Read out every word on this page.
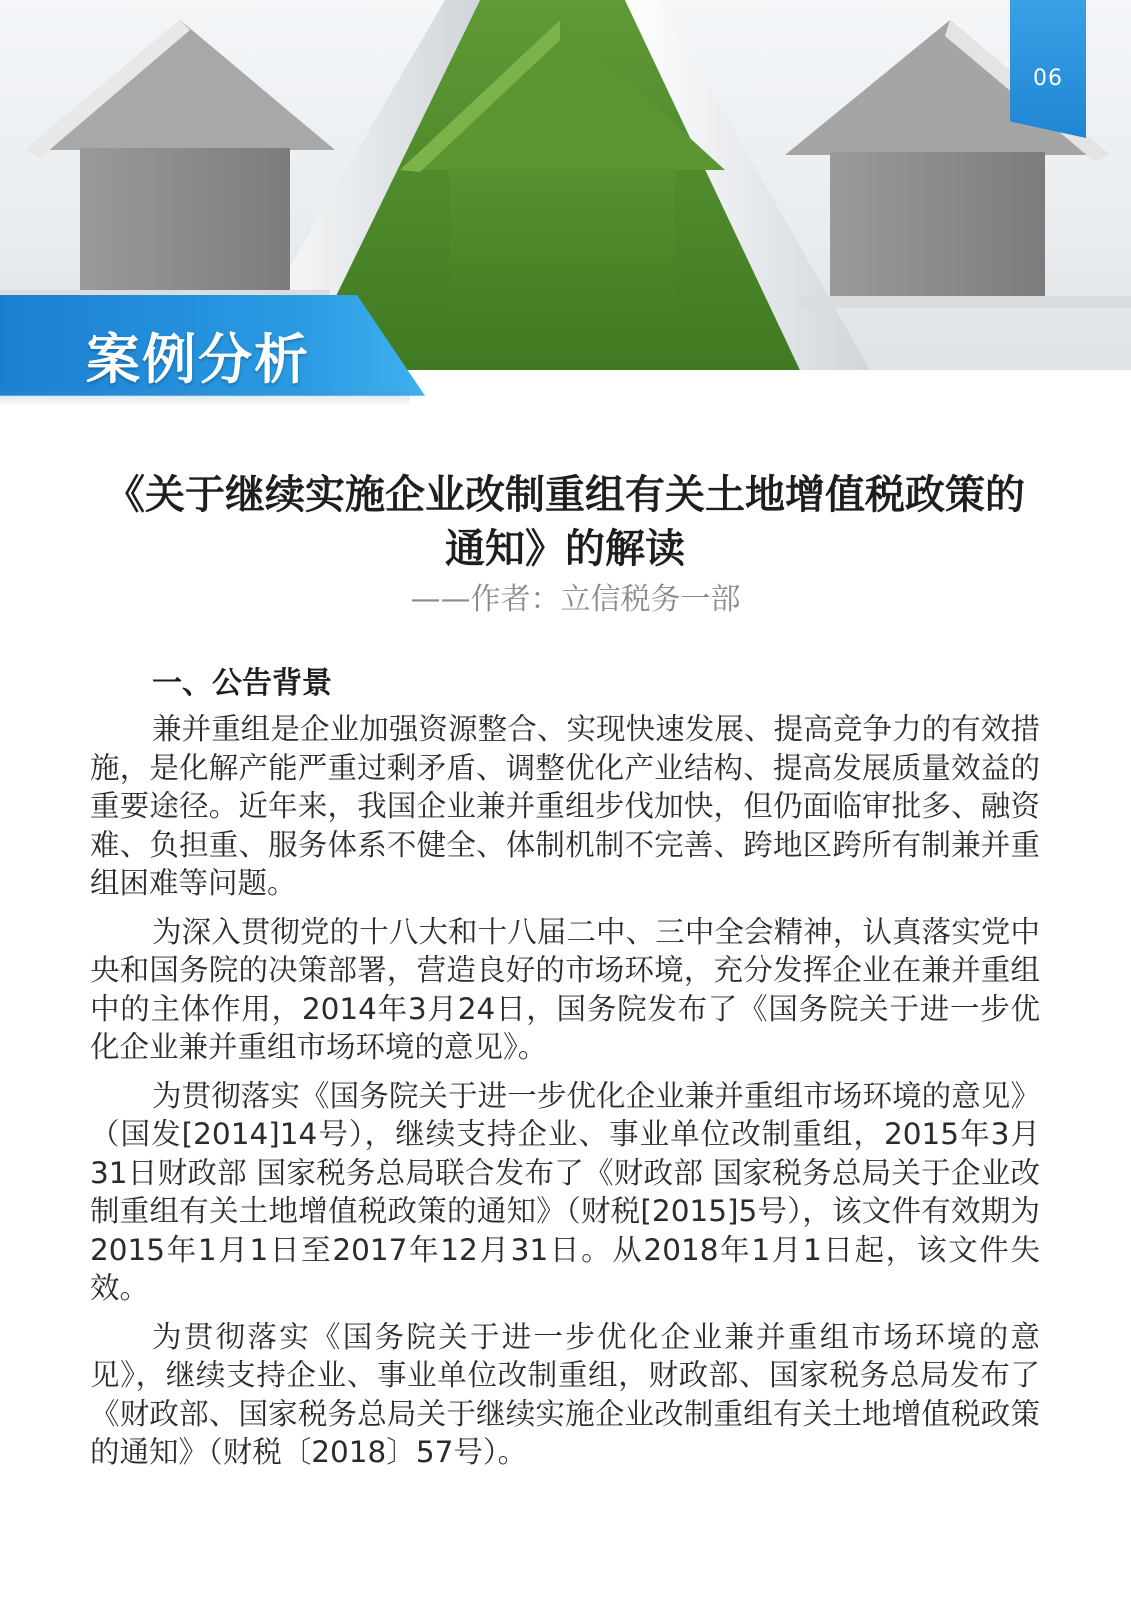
06
案例分析
《关于继续实施企业改制重组有关土地增值税政策的通知》的解读
——作者：立信税务一部
一、公告背景

兼并重组是企业加强资源整合、实现快速发展、提高竞争力的有效措施，是化解产能严重过剩矛盾、调整优化产业结构、提高发展质量效益的重要途径。近年来，我国企业兼并重组步伐加快，但仍面临审批多、融资难、负担重、服务体系不健全、体制机制不完善、跨地区跨所有制兼并重组困难等问题。

为深入贯彻党的十八大和十八届二中、三中全会精神，认真落实党中央和国务院的决策部署，营造良好的市场环境，充分发挥企业在兼并重组中的主体作用，2014年3月24日，国务院发布了《国务院关于进一步优化企业兼并重组市场环境的意见》。

为贯彻落实《国务院关于进一步优化企业兼并重组市场环境的意见》（国发[2014]14号），继续支持企业、事业单位改制重组，2015年3月31日财政部 国家税务总局联合发布了《财政部 国家税务总局关于企业改制重组有关土地增值税政策的通知》（财税[2015]5号），该文件有效期为2015年1月1日至2017年12月31日。从2018年1月1日起，该文件失效。

为贯彻落实《国务院关于进一步优化企业兼并重组市场环境的意见》，继续支持企业、事业单位改制重组，财政部、国家税务总局发布了《财政部、国家税务总局关于继续实施企业改制重组有关土地增值税政策的通知》（财税〔2018〕57号）。
